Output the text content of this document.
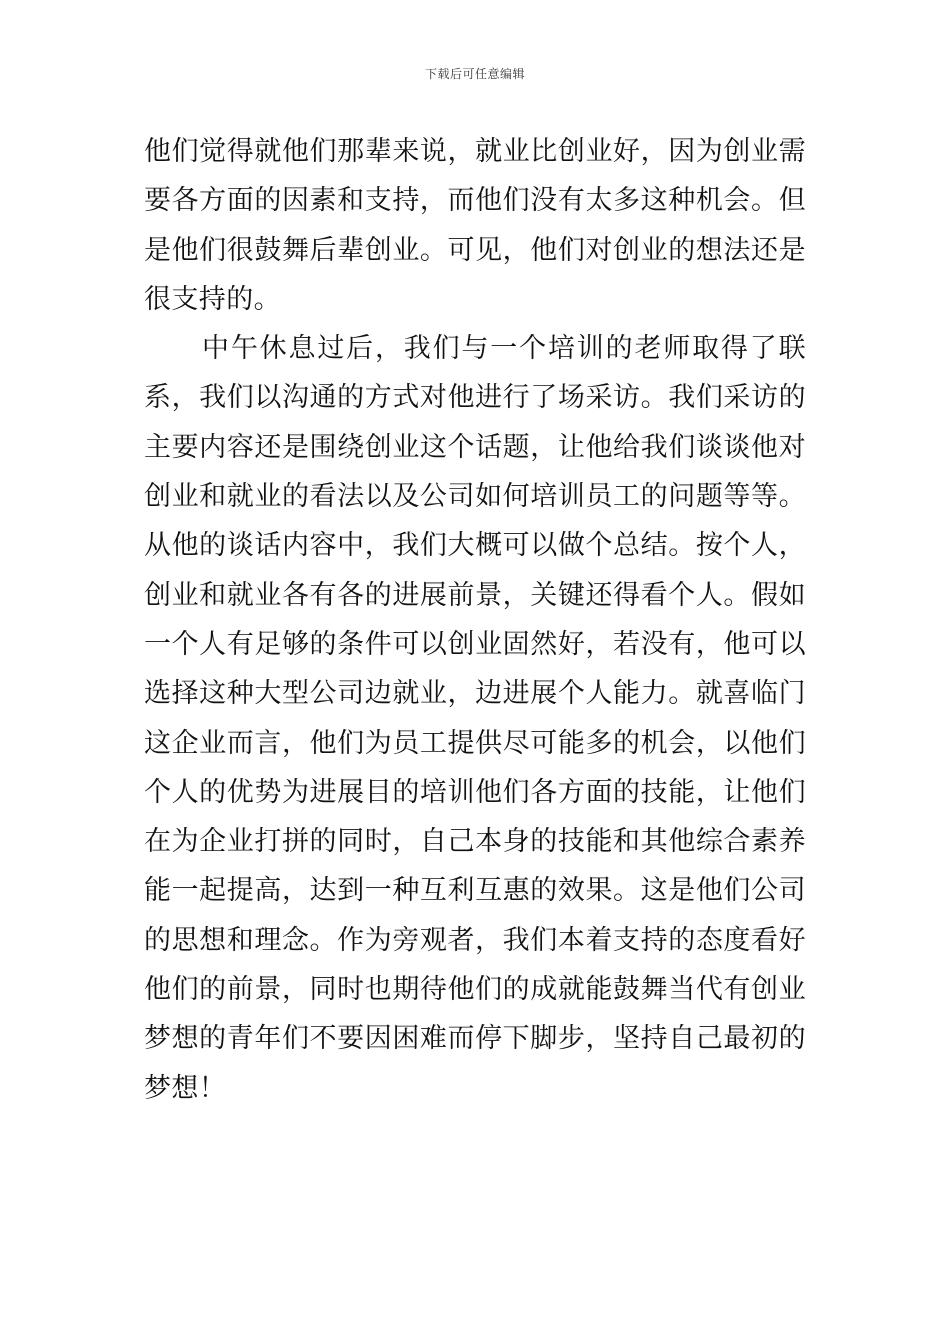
下载后可任意编辑

他们觉得就他们那辈来说，就业比创业好，因为创业需要各方面的因素和支持，而他们没有太多这种机会。但是他们很鼓舞后辈创业。可见，他们对创业的想法还是很支持的。

中午休息过后，我们与一个培训的老师取得了联系，我们以沟通的方式对他进行了场采访。我们采访的主要内容还是围绕创业这个话题，让他给我们谈谈他对创业和就业的看法以及公司如何培训员工的问题等等。从他的谈话内容中，我们大概可以做个总结。按个人，创业和就业各有各的进展前景，关键还得看个人。假如一个人有足够的条件可以创业固然好，若没有，他可以选择这种大型公司边就业，边进展个人能力。就喜临门这企业而言，他们为员工提供尽可能多的机会，以他们个人的优势为进展目的培训他们各方面的技能，让他们在为企业打拼的同时，自己本身的技能和其他综合素养能一起提高，达到一种互利互惠的效果。这是他们公司的思想和理念。作为旁观者，我们本着支持的态度看好他们的前景，同时也期待他们的成就能鼓舞当代有创业梦想的青年们不要因困难而停下脚步，坚持自己最初的梦想！
